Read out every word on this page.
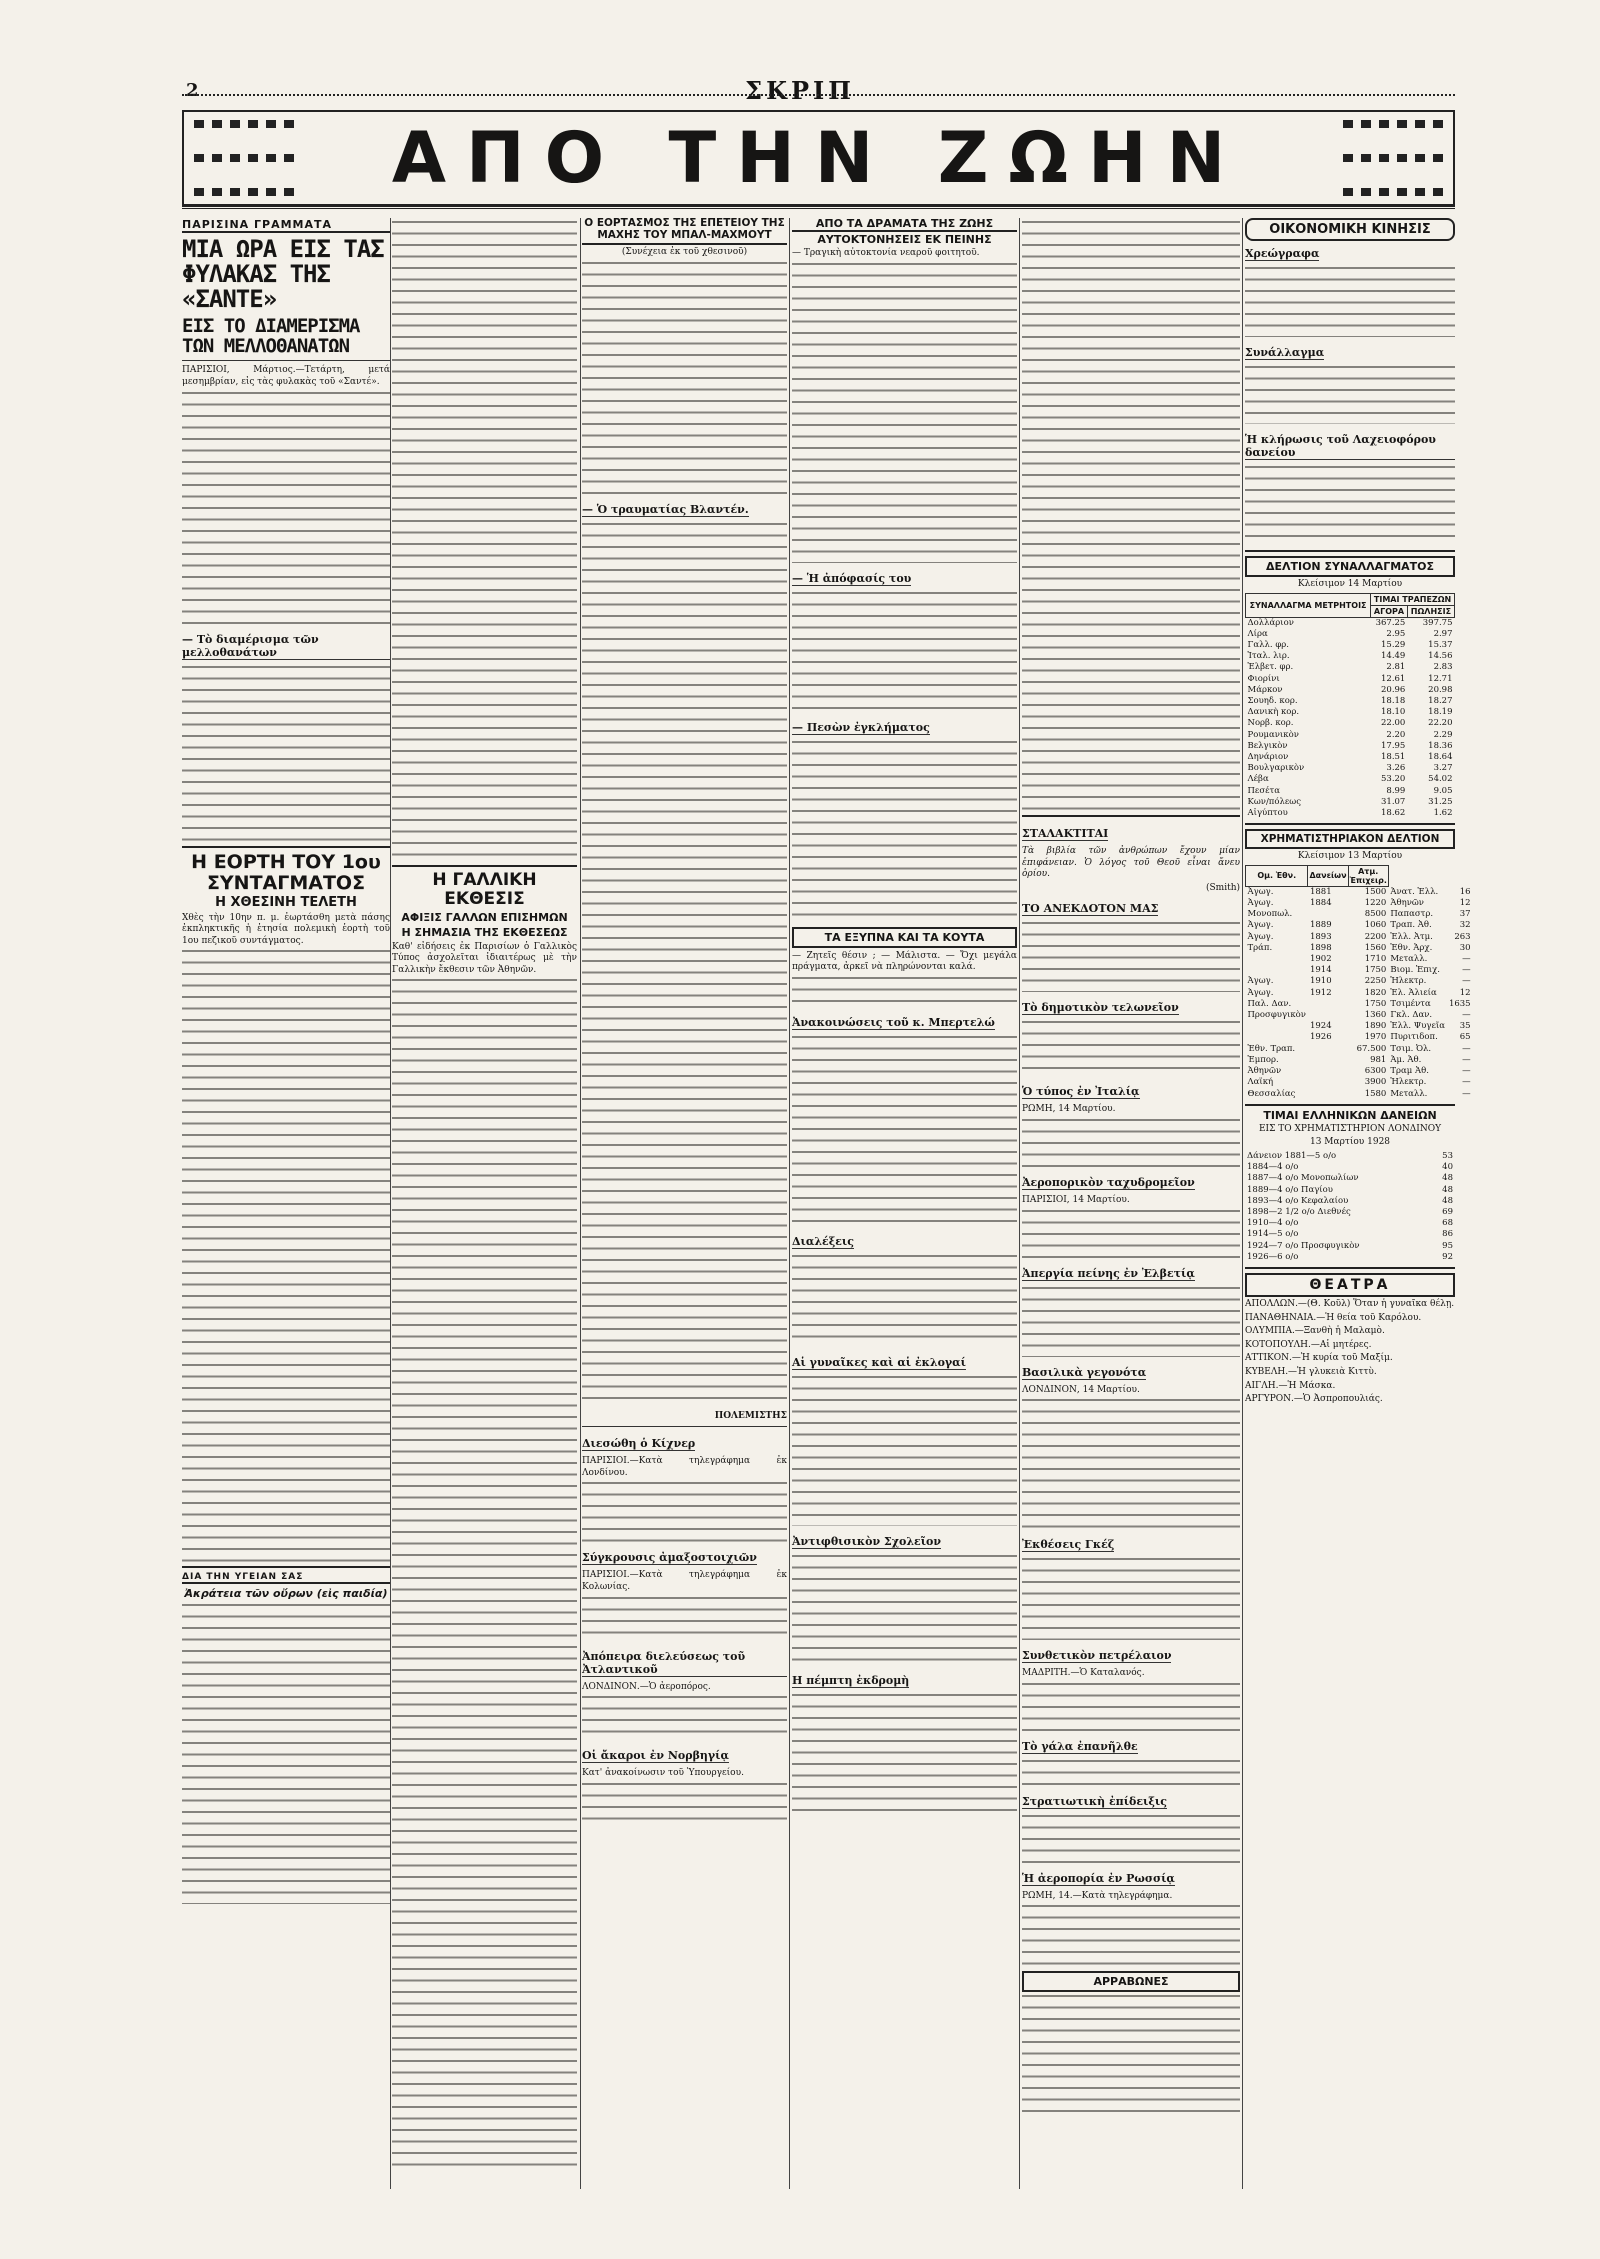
2	ΣΚΡΙΠ
ΑΠΟ ΤΗΝ ΖΩΗΝ
ΠΑΡΙΣΙΝΑ ΓΡΑΜΜΑΤΑ
ΜΙΑ ΩΡΑ ΕΙΣ ΤΑΣ ΦΥΛΑΚΑΣ ΤΗΣ «ΣΑΝΤΕ»
ΕΙΣ ΤΟ ΔΙΑΜΕΡΙΣΜΑ ΤΩΝ ΜΕΛΛΟΘΑΝΑΤΩΝ

ΠΑΡΙΣΙΟΙ, Μάρτιος.—Τετάρτη, μετά μεσημβρίαν, εἰς τὰς φυλακὰς τοῦ «Σαντέ».

— Τὸ διαμέρισμα τῶν μελλοθανάτων
Η ΕΟΡΤΗ ΤΟΥ 1ου ΣΥΝΤΑΓΜΑΤΟΣ
Η ΧΘΕΣΙΝΗ ΤΕΛΕΤΗ

Χθὲς τὴν 10ην π. μ. ἐωρτάσθη μετὰ πάσης ἐκπληκτικῆς ἡ ἑτησία πολεμικὴ ἑορτὴ τοῦ 1ου πεζικοῦ συντάγματος.

ΔΙΑ ΤΗΝ ΥΓΕΙΑΝ ΣΑΣ
Ἀκράτεια τῶν οὔρων (εἰς παιδία)
Η ΓΑΛΛΙΚΗ ΕΚΘΕΣΙΣ
ΑΦΙΞΙΣ ΓΑΛΛΩΝ ΕΠΙΣΗΜΩΝ
Η ΣΗΜΑΣΙΑ ΤΗΣ ΕΚΘΕΣΕΩΣ

Καθ' εἰδήσεις ἐκ Παρισίων ὁ Γαλλικὸς Τύπος ἀσχολεῖται ἰδιαιτέρως μὲ τὴν Γαλλικὴν ἔκθεσιν τῶν Ἀθηνῶν.

Ο ΕΟΡΤΑΣΜΟΣ ΤΗΣ ΕΠΕΤΕΙΟΥ ΤΗΣ ΜΑΧΗΣ ΤΟΥ ΜΠΑΛ-ΜΑΧΜΟΥΤ

(Συνέχεια ἐκ τοῦ χθεσινοῦ)

— Ὁ τραυματίας Βλαντέν.

ΠΟΛΕΜΙΣΤΗΣ

Διεσώθη ὁ Κίχνερ

ΠΑΡΙΣΙΟΙ.—Κατὰ τηλεγράφημα ἐκ Λονδίνου.

Σύγκρουσις ἀμαξοστοιχιῶν

ΠΑΡΙΣΙΟΙ.—Κατὰ τηλεγράφημα ἐκ Κολωνίας.

Ἀπόπειρα διελεύσεως τοῦ Ἀτλαντικοῦ

ΛΟΝΔΙΝΟΝ.—Ὁ ἀεροπόρος.

Οἱ ἄκαροι ἐν Νορβηγίᾳ

Κατ' ἀνακοίνωσιν τοῦ Ὑπουργείου.

ΑΠΟ ΤΑ ΔΡΑΜΑΤΑ ΤΗΣ ΖΩΗΣ
ΑΥΤΟΚΤΟΝΗΣΕΙΣ ΕΚ ΠΕΙΝΗΣ

— Τραγικὴ αὐτοκτονία νεαροῦ φοιτητοῦ.

— Ἡ ἀπόφασίς του
— Πεσὼν ἐγκλήματος
ΤΑ ΕΞΥΠΝΑ ΚΑΙ ΤΑ ΚΟΥΤΑ

— Ζητεῖς θέσιν ; — Μάλιστα. — Ὄχι μεγάλα πράγματα, ἀρκεῖ νὰ πληρώνονται καλά.

Ἀνακοινώσεις τοῦ κ. Μπερτελώ
Διαλέξεις
Αἱ γυναῖκες καὶ αἱ ἐκλογαί
Ἀντιφθισικὸν Σχολεῖον
Η πέμπτη ἐκδρομὴ
ΣΤΑΛΑΚΤΙΤΑΙ

Τὰ βιβλία τῶν ἀνθρώπων ἔχουν μίαν ἐπιφάνειαν. Ὁ λόγος τοῦ Θεοῦ εἶναι ἄνευ ὁρίου.

(Smith)

ΤΟ ΑΝΕΚΔΟΤΟΝ ΜΑΣ
Τὸ δημοτικὸν τελωνεῖον
Ὁ τύπος ἐν Ἰταλίᾳ

ΡΩΜΗ, 14 Μαρτίου.

Ἀεροπορικὸν ταχυδρομεῖον

ΠΑΡΙΣΙΟΙ, 14 Μαρτίου.

Ἀπεργία πείνης ἐν Ἐλβετίᾳ
Βασιλικὰ γεγονότα

ΛΟΝΔΙΝΟΝ, 14 Μαρτίου.

Ἐκθέσεις Γκέζ
Συνθετικὸν πετρέλαιον

ΜΑΔΡΙΤΗ.—Ὁ Καταλανός.

Τὸ γάλα ἐπανῆλθε
Στρατιωτικὴ ἐπίδειξις
Ἡ ἀεροπορία ἐν Ρωσσίᾳ

ΡΩΜΗ, 14.—Κατὰ τηλεγράφημα.

ΑΡΡΑΒΩΝΕΣ
ΟΙΚΟΝΟΜΙΚΗ ΚΙΝΗΣΙΣ
Χρεώγραφα
Συνάλλαγμα
Ἡ κλήρωσις τοῦ Λαχειοφόρου δανείου
ΔΕΛΤΙΟΝ ΣΥΝΑΛΛΑΓΜΑΤΟΣ
Κλείσιμον 14 Μαρτίου
ΣΥΝΑΛΛΑΓΜΑ ΜΕΤΡΗΤΟΙΣ	ΤΙΜΑΙ ΤΡΑΠΕΖΩΝ	
	ΑΓΟΡΑ	ΠΩΛΗΣΙΣ
Δολλάριον	367.25	397.75
Λίρα	2.95	2.97
Γαλλ. φρ.	15.29	15.37
Ἰταλ. λιρ.	14.49	14.56
Ἐλβετ. φρ.	2.81	2.83
Φιορίνι	12.61	12.71
Μάρκον	20.96	20.98
Σουηδ. κορ.	18.18	18.27
Δανικὴ κορ.	18.10	18.19
Νορβ. κορ.	22.00	22.20
Ρουμανικὸν	2.20	2.29
Βελγικὸν	17.95	18.36
Δηνάριον	18.51	18.64
Βουλγαρικὸν	3.26	3.27
Λέβα	53.20	54.02
Πεσέτα	8.99	9.05
Κων/πόλεως	31.07	31.25
Αἰγύπτου	18.62	1.62
ΧΡΗΜΑΤΙΣΤΗΡΙΑΚΟΝ ΔΕΛΤΙΟΝ
Κλείσιμον 13 Μαρτίου
Ομ. Ἐθν.	Δανείων	Ατμ. Ἐπιχειρ.		
Ἀγωγ.	1881	1500	Ἀνατ. Ἐλλ.	16
Ἀγωγ.	1884	1220	Ἀθηνῶν	12
Μονοπωλ.		8500	Παπαστρ.	37
Ἀγωγ.	1889	1060	Τραπ. Ἀθ.	32
Ἀγωγ.	1893	2200	Ἐλλ. Ἀτμ.	263
Τράπ.	1898	1560	Ἐθν. Ἀρχ.	30
	1902	1710	Μεταλλ.	—
	1914	1750	Βιομ. Ἐπιχ.	—
Ἀγωγ.	1910	2250	Ἡλεκτρ.	—
Ἀγωγ.	1912	1820	Ἐλ. Ἀλιεία	12
Παλ. Δαν.		1750	Τσιμέντα	1635
Προσφυγικὸν		1360	Γκλ. Δαν.	—
	1924	1890	Ἐλλ. Ψυγεῖα	35
	1926	1970	Πυριτιδοπ.	65
Ἐθν. Τραπ.		67.500	Τσιμ. Ὀλ.	—
Ἐμπορ.		981	Ἀμ. Ἀθ.	—
Ἀθηνῶν		6300	Τραμ Ἀθ.	—
Λαϊκή		3900	Ἠλεκτρ.	—
Θεσσαλίας		1580	Μεταλλ.	—
ΤΙΜΑΙ ΕΛΛΗΝΙΚΩΝ ΔΑΝΕΙΩΝ
ΕΙΣ ΤΟ ΧΡΗΜΑΤΙΣΤΗΡΙΟΝ ΛΟΝΔΙΝΟΥ
13 Μαρτίου 1928
Δάνειον 1881—5 ο/ο	53
1884—4 ο/ο	40
1887—4 ο/ο Μονοπωλίων	48
1889—4 ο/ο Παγίου	48
1893—4 ο/ο Κεφαλαίου	48
1898—2 1/2 ο/ο Διεθνές	69
1910—4 ο/ο	68
1914—5 ο/ο	86
1924—7 ο/ο Προσφυγικὸν	95
1926—6 ο/ο	92
ΘΕΑΤΡΑ

ΑΠΟΛΛΩΝ.—(Θ. Κοῦλ) Ὅταν ἡ γυναῖκα θέλῃ.

ΠΑΝΑΘΗΝΑΙΑ.—Ἡ θεία τοῦ Καρόλου.

ΟΛΥΜΠΙΑ.—Ξανθὴ ἡ Μαλαμὸ.

ΚΟΤΟΠΟΥΛΗ.—Αἱ μητέρες.

ΑΤΤΙΚΟΝ.—Ἡ κυρία τοῦ Μαξίμ.

ΚΥΒΕΛΗ.—Ἡ γλυκειὰ Κιττὺ.

ΑΙΓΛΗ.—Ἡ Μάσκα.

ΑΡΓΥΡΟΝ.—Ὁ Ἀσπροπουλιάς.
